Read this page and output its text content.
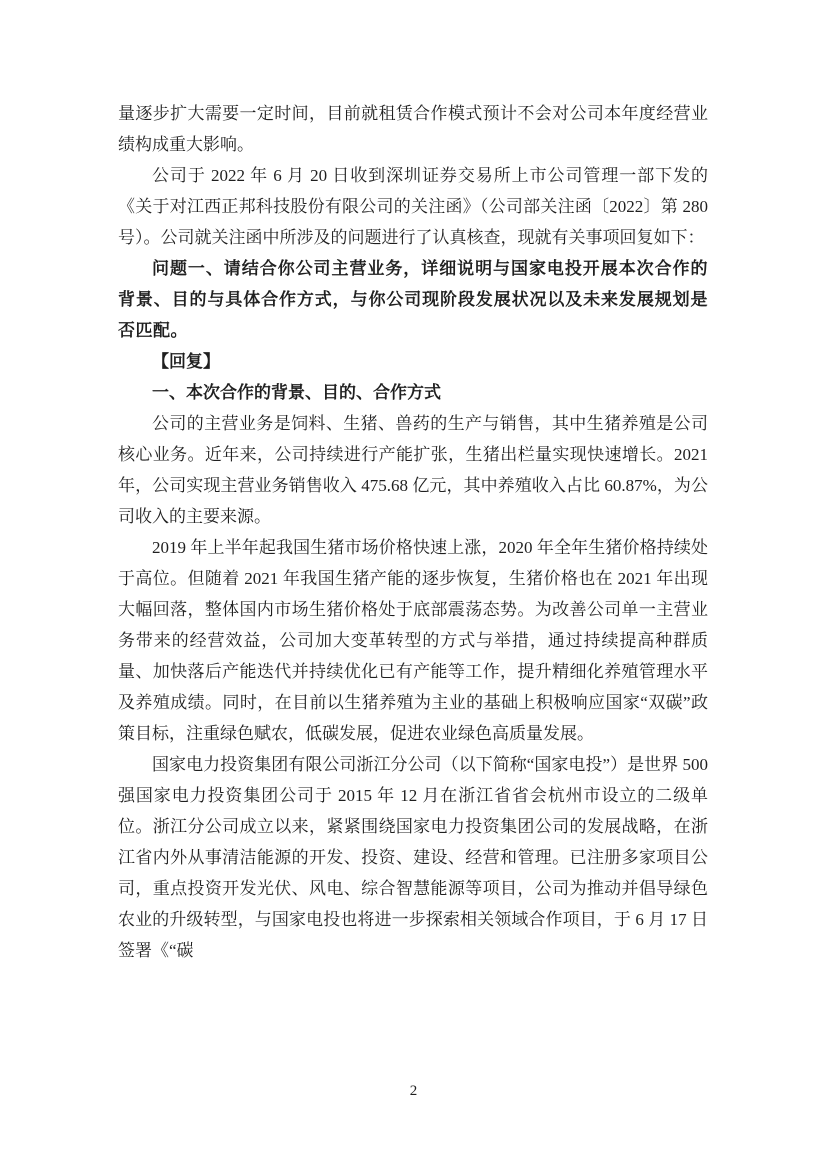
量逐步扩大需要一定时间，目前就租赁合作模式预计不会对公司本年度经营业绩构成重大影响。

公司于 2022 年 6 月 20 日收到深圳证券交易所上市公司管理一部下发的《关于对江西正邦科技股份有限公司的关注函》（公司部关注函〔2022〕第 280 号）。公司就关注函中所涉及的问题进行了认真核查，现就有关事项回复如下：

问题一、请结合你公司主营业务，详细说明与国家电投开展本次合作的背景、目的与具体合作方式，与你公司现阶段发展状况以及未来发展规划是否匹配。

【回复】

一、本次合作的背景、目的、合作方式

公司的主营业务是饲料、生猪、兽药的生产与销售，其中生猪养殖是公司核心业务。近年来，公司持续进行产能扩张，生猪出栏量实现快速增长。2021 年，公司实现主营业务销售收入 475.68 亿元，其中养殖收入占比 60.87%，为公司收入的主要来源。

2019 年上半年起我国生猪市场价格快速上涨，2020 年全年生猪价格持续处于高位。但随着 2021 年我国生猪产能的逐步恢复，生猪价格也在 2021 年出现大幅回落，整体国内市场生猪价格处于底部震荡态势。为改善公司单一主营业务带来的经营效益，公司加大变革转型的方式与举措，通过持续提高种群质量、加快落后产能迭代并持续优化已有产能等工作，提升精细化养殖管理水平及养殖成绩。同时，在目前以生猪养殖为主业的基础上积极响应国家“双碳”政策目标，注重绿色赋农，低碳发展，促进农业绿色高质量发展。

国家电力投资集团有限公司浙江分公司（以下简称“国家电投”）是世界 500 强国家电力投资集团公司于 2015 年 12 月在浙江省省会杭州市设立的二级单位。浙江分公司成立以来，紧紧围绕国家电力投资集团公司的发展战略，在浙江省内外从事清洁能源的开发、投资、建设、经营和管理。已注册多家项目公司，重点投资开发光伏、风电、综合智慧能源等项目，公司为推动并倡导绿色农业的升级转型，与国家电投也将进一步探索相关领域合作项目，于 6 月 17 日签署《“碳

2
